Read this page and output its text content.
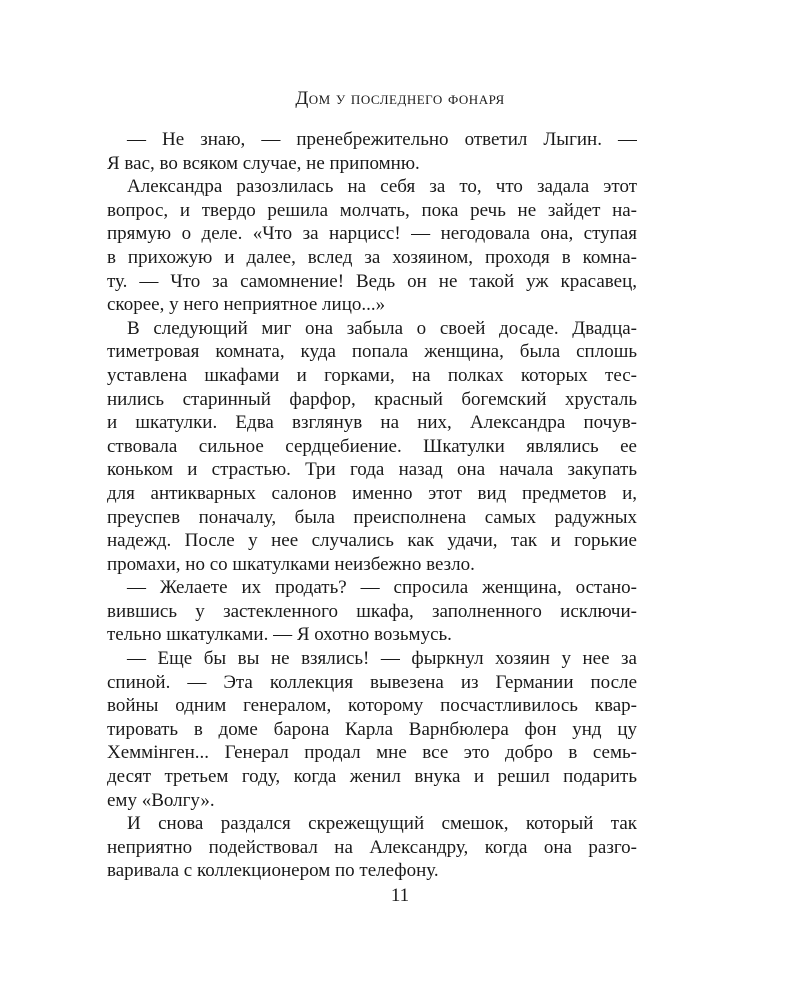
Дом у последнего фонаря
— Не знаю, — пренебрежительно ответил Лыгин. —
Я вас, во всяком случае, не припомню.
Александра разозлилась на себя за то, что задала этот
вопрос, и твердо решила молчать, пока речь не зайдет на-
прямую о деле. «Что за нарцисс! — негодовала она, ступая
в прихожую и далее, вслед за хозяином, проходя в комна-
ту. — Что за самомнение! Ведь он не такой уж красавец,
скорее, у него неприятное лицо...»
В следующий миг она забыла о своей досаде. Двадца-
тиметровая комната, куда попала женщина, была сплошь
уставлена шкафами и горками, на полках которых тес-
нились старинный фарфор, красный богемский хрусталь
и шкатулки. Едва взглянув на них, Александра почув-
ствовала сильное сердцебиение. Шкатулки являлись ее
коньком и страстью. Три года назад она начала закупать
для антикварных салонов именно этот вид предметов и,
преуспев поначалу, была преисполнена самых радужных
надежд. После у нее случались как удачи, так и горькие
промахи, но со шкатулками неизбежно везло.
— Желаете их продать? — спросила женщина, остано-
вившись у застекленного шкафа, заполненного исключи-
тельно шкатулками. — Я охотно возьмусь.
— Еще бы вы не взялись! — фыркнул хозяин у нее за
спиной. — Эта коллекция вывезена из Германии после
войны одним генералом, которому посчастливилось квар-
тировать в доме барона Карла Варнбюлера фон унд цу
Хеммінген... Генерал продал мне все это добро в семь-
десят третьем году, когда женил внука и решил подарить
ему «Волгу».
И снова раздался скрежещущий смешок, который так
неприятно подействовал на Александру, когда она разго-
варивала с коллекционером по телефону.
11
